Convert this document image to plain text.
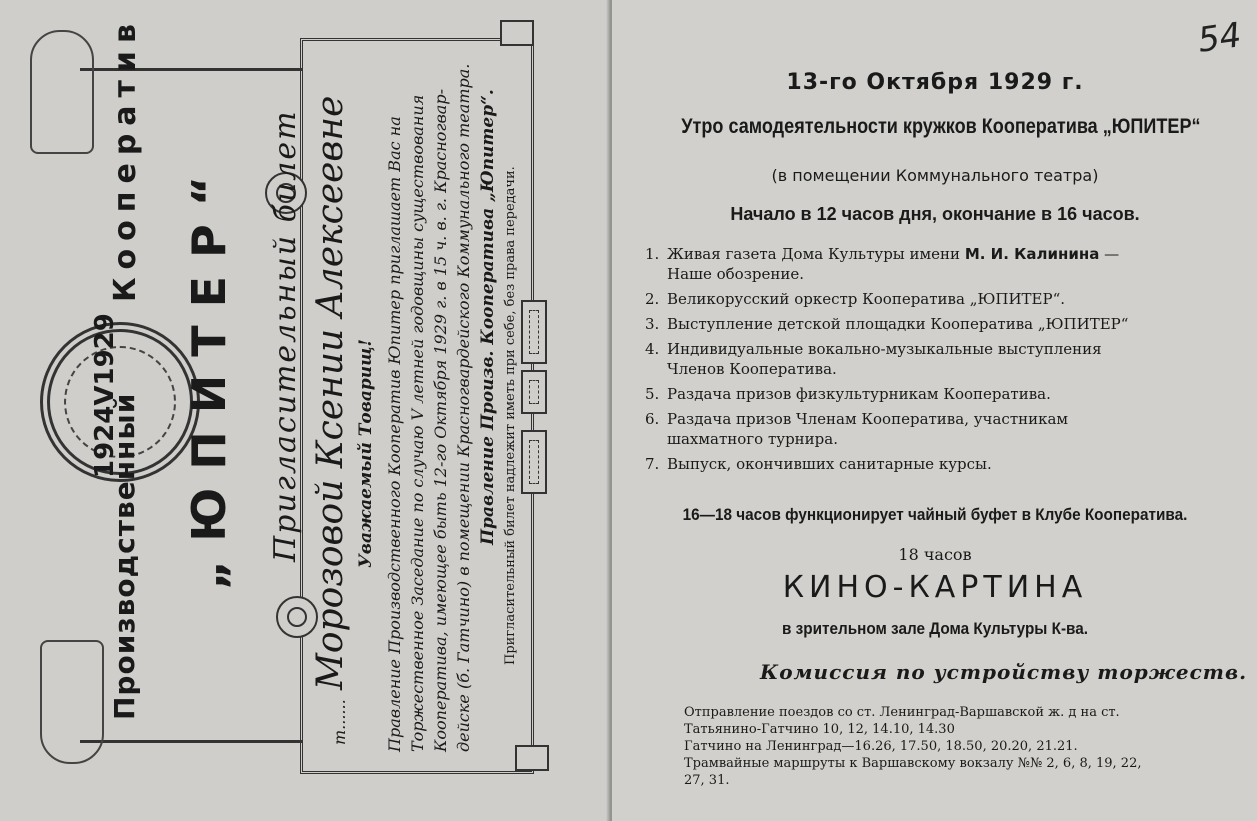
Производственный
Кооператив
1924V1929 „ЮПИТЕР“ Пригласительный билет
т......
Морозовой Ксении Алексеевне Уважаемый Товарищ! Правление Производственного Кооператив Юпитер приглашает Вас на Торжественное Заседание по случаю V летней годовщины существования Кооператива, имеющее быть 12-го Октября 1929 г. в 15 ч. в. г. Красногвар- дейске (б. Гатчино) в помещении Красногвардейского Коммунального театра. Правление Произв. Кооператива „Юпитер“. Пригласительный билет надлежит иметь при себе, без права передачи.
54
13-го Октября 1929 г.
Утро самодеятельности кружков Кооператива „ЮПИТЕР“
(в помещении Коммунального театра)
Начало в 12 часов дня, окончание в 16 часов.
1. Живая газета Дома Культуры имени М. И. Калинина — Наше обозрение.
2. Великорусский оркестр Кооператива „ЮПИТЕР“.
3. Выступление детской площадки Кооператива „ЮПИТЕР“
4. Индивидуальные вокально-музыкальные выступления Членов Кооператива.
5. Раздача призов физкультурникам Кооператива.
6. Раздача призов Членам Кооператива, участникам шахматного турнира.
7. Выпуск, окончивших санитарные курсы.
16—18 часов функционирует чайный буфет в Клубе Кооператива.
18 часов
КИНО-КАРТИНА
в зрительном зале Дома Культуры К-ва.
Комиссия по устройству торжеств.

Отправление поездов со ст. Ленинград-Варшавской ж. д на ст. Татьянино-Гатчино 10, 12, 14.10, 14.30

Гатчино на Ленинград—16.26, 17.50, 18.50, 20.20, 21.21.

Трамвайные маршруты к Варшавскому вокзалу №№ 2, 6, 8, 19, 22, 27, 31.
